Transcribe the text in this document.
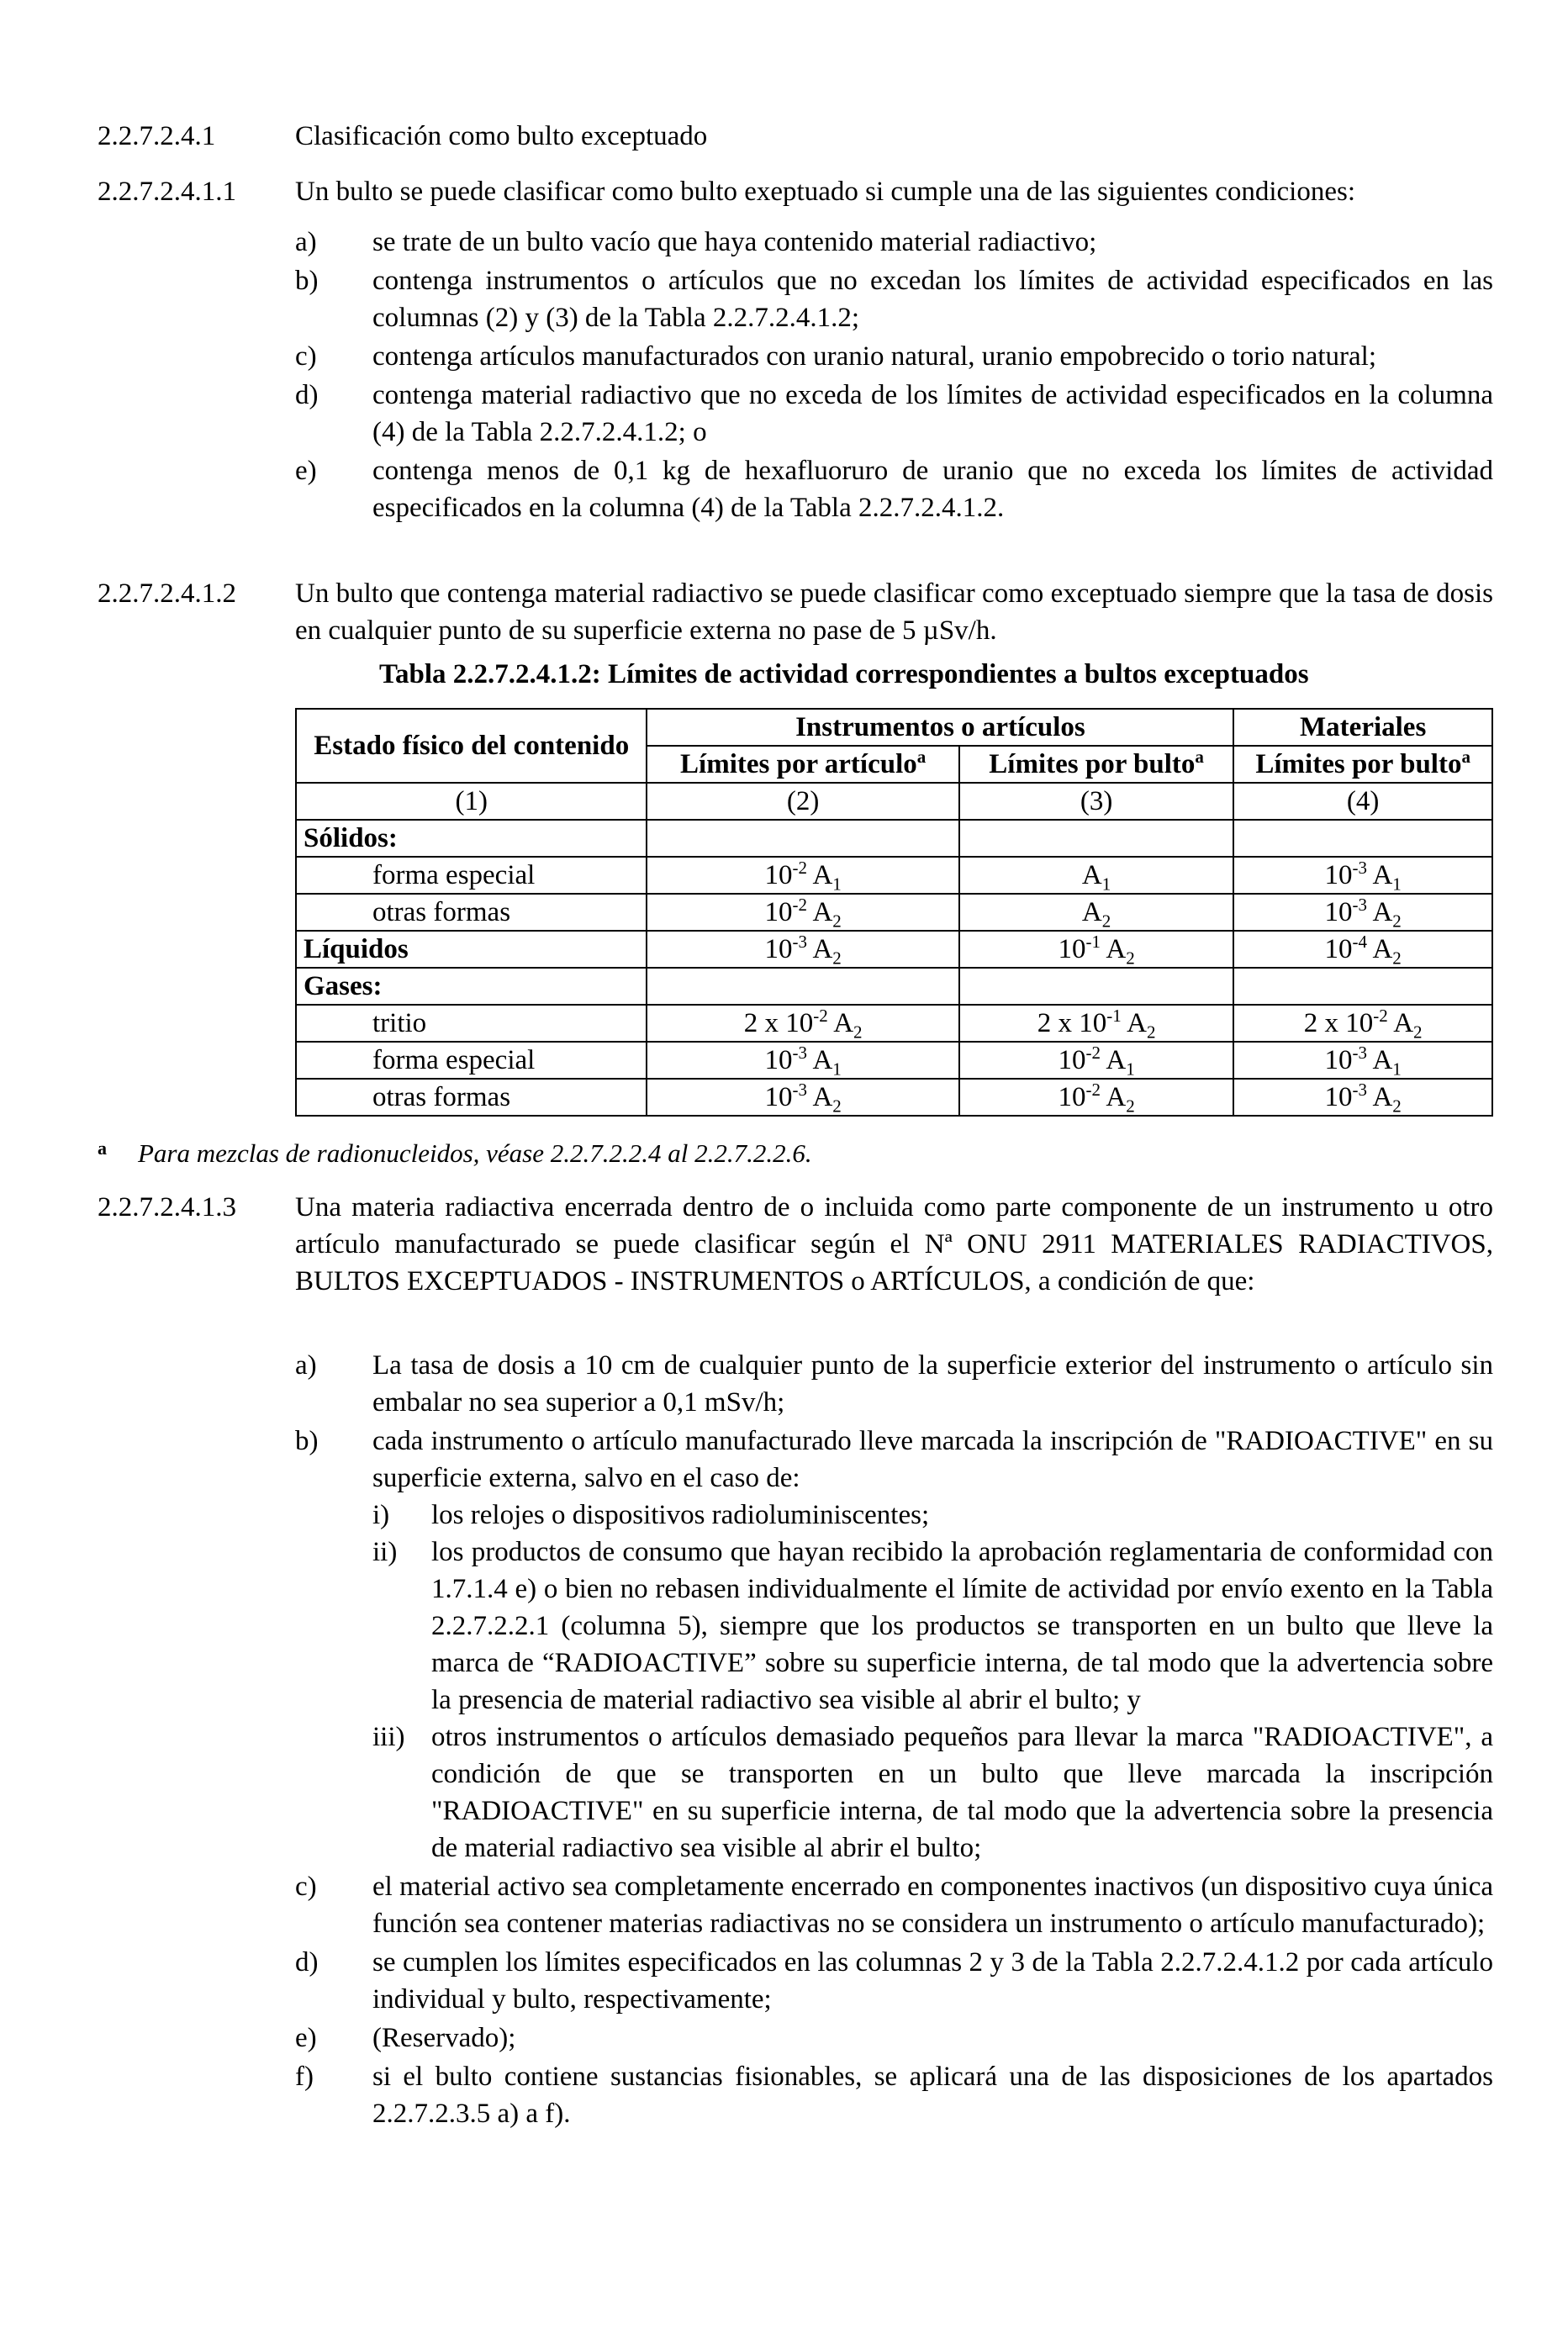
2.2.7.2.4.1	Clasificación como bulto exceptuado
2.2.7.2.4.1.1	Un bulto se puede clasificar como bulto exeptuado si cumple una de las siguientes condiciones:
a)	se trate de un bulto vacío que haya contenido material radiactivo;
b)	contenga instrumentos o artículos que no excedan los límites de actividad especificados en las columnas (2) y (3) de la Tabla 2.2.7.2.4.1.2;
c)	contenga artículos manufacturados con uranio natural, uranio empobrecido o torio natural;
d)	contenga material radiactivo que no exceda de los límites de actividad especificados en la columna (4) de la Tabla 2.2.7.2.4.1.2; o
e)	contenga menos de 0,1 kg de hexafluoruro de uranio que no exceda los límites de actividad especificados en la columna (4) de la Tabla 2.2.7.2.4.1.2.
2.2.7.2.4.1.2	Un bulto que contenga material radiactivo se puede clasificar como exceptuado siempre que la tasa de dosis en cualquier punto de su superficie externa no pase de 5 µSv/h.
Tabla 2.2.7.2.4.1.2: Límites de actividad correspondientes a bultos exceptuados
Estado físico del contenido	Instrumentos o artículos		Materiales
	Límites por artículo$^a$	Límites por bulto$^a$	Límites por bulto$^a$
(1)	(2)	(3)	(4)
Sólidos:			
forma especial	$10^{-2}$ $A_1$	$A_1$	$10^{-3}$ $A_1$
otras formas	$10^{-2}$ $A_2$	$A_2$	$10^{-3}$ $A_2$
Líquidos	$10^{-3}$ $A_2$	$10^{-1}$ $A_2$	$10^{-4}$ $A_2$
Gases:			
tritio	2 x $10^{-2}$ $A_2$	2 x $10^{-1}$ $A_2$	2 x $10^{-2}$ $A_2$
forma especial	$10^{-3}$ $A_1$	$10^{-2}$ $A_1$	$10^{-3}$ $A_1$
otras formas	$10^{-3}$ $A_2$	$10^{-2}$ $A_2$	$10^{-3}$ $A_2$
a Para mezclas de radionucleidos, véase 2.2.7.2.2.4 al 2.2.7.2.2.6.
2.2.7.2.4.1.3	Una materia radiactiva encerrada dentro de o incluida como parte componente de un instrumento u otro artículo manufacturado se puede clasificar según el Nª ONU 2911 MATERIALES RADIACTIVOS, BULTOS EXCEPTUADOS - INSTRUMENTOS o ARTÍCULOS, a condición de que:
a)	La tasa de dosis a 10 cm de cualquier punto de la superficie exterior del instrumento o artículo sin embalar no sea superior a 0,1 mSv/h;
b)	cada instrumento o artículo manufacturado lleve marcada la inscripción de "RADIOACTIVE" en su superficie externa, salvo en el caso de:
i)	los relojes o dispositivos radioluminiscentes;
ii)	los productos de consumo que hayan recibido la aprobación reglamentaria de conformidad con 1.7.1.4 e) o bien no rebasen individualmente el límite de actividad por envío exento en la Tabla 2.2.7.2.2.1 (columna 5), siempre que los productos se transporten en un bulto que lleve la marca de “RADIOACTIVE” sobre su superficie interna, de tal modo que la advertencia sobre la presencia de material radiactivo sea visible al abrir el bulto; y
iii) otros instrumentos o artículos demasiado pequeños para llevar la marca "RADIOACTIVE", a condición de que se transporten en un bulto que lleve marcada la inscripción "RADIOACTIVE" en su superficie interna, de tal modo que la advertencia sobre la presencia de material radiactivo sea visible al abrir el bulto;
c)	el material activo sea completamente encerrado en componentes inactivos (un dispositivo cuya única función sea contener materias radiactivas no se considera un instrumento o artículo manufacturado);
d)	se cumplen los límites especificados en las columnas 2 y 3 de la Tabla 2.2.7.2.4.1.2 por cada artículo individual y bulto, respectivamente;
e)	(Reservado);
f)	si el bulto contiene sustancias fisionables, se aplicará una de las disposiciones de los apartados 2.2.7.2.3.5 a) a f).
